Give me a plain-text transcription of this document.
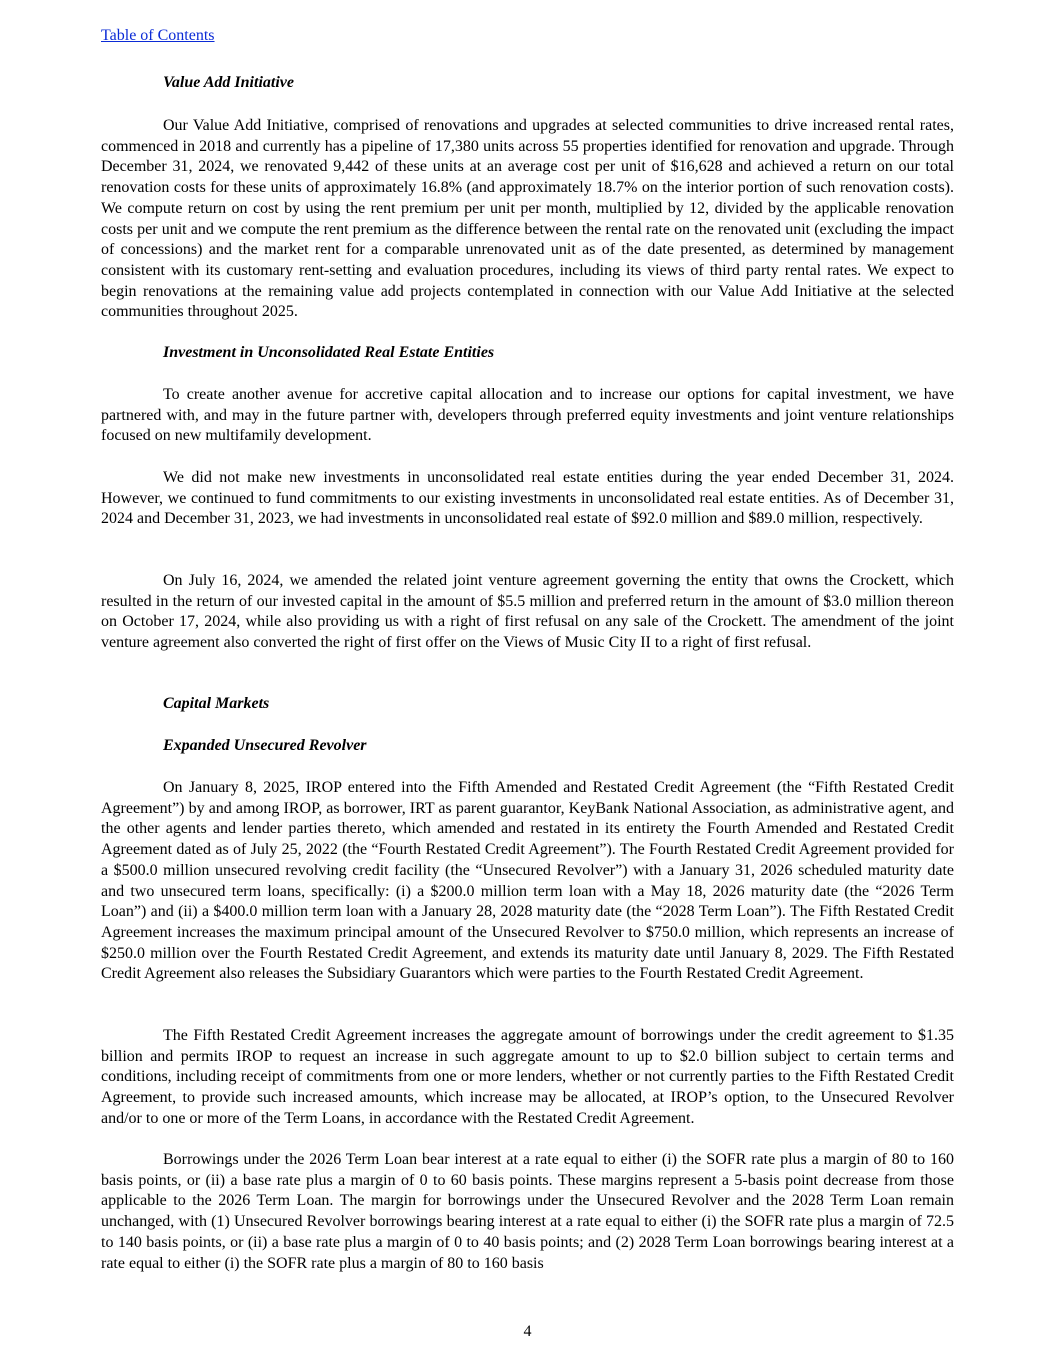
Table of Contents
Value Add Initiative

Our Value Add Initiative, comprised of renovations and upgrades at selected communities to drive increased rental rates, commenced in 2018 and currently has a pipeline of 17,380 units across 55 properties identified for renovation and upgrade. Through December 31, 2024, we renovated 9,442 of these units at an average cost per unit of $16,628 and achieved a return on our total renovation costs for these units of approximately 16.8% (and approximately 18.7% on the interior portion of such renovation costs). We compute return on cost by using the rent premium per unit per month, multiplied by 12, divided by the applicable renovation costs per unit and we compute the rent premium as the difference between the rental rate on the renovated unit (excluding the impact of concessions) and the market rent for a comparable unrenovated unit as of the date presented, as determined by management consistent with its customary rent-setting and evaluation procedures, including its views of third party rental rates. We expect to begin renovations at the remaining value add projects contemplated in connection with our Value Add Initiative at the selected communities throughout 2025.

Investment in Unconsolidated Real Estate Entities

To create another avenue for accretive capital allocation and to increase our options for capital investment, we have partnered with, and may in the future partner with, developers through preferred equity investments and joint venture relationships focused on new multifamily development.

We did not make new investments in unconsolidated real estate entities during the year ended December 31, 2024. However, we continued to fund commitments to our existing investments in unconsolidated real estate entities. As of December 31, 2024 and December 31, 2023, we had investments in unconsolidated real estate of $92.0 million and $89.0 million, respectively.

On July 16, 2024, we amended the related joint venture agreement governing the entity that owns the Crockett, which resulted in the return of our invested capital in the amount of $5.5 million and preferred return in the amount of $3.0 million thereon on October 17, 2024, while also providing us with a right of first refusal on any sale of the Crockett. The amendment of the joint venture agreement also converted the right of first offer on the Views of Music City II to a right of first refusal.

Capital Markets
Expanded Unsecured Revolver

On January 8, 2025, IROP entered into the Fifth Amended and Restated Credit Agreement (the “Fifth Restated Credit Agreement”) by and among IROP, as borrower, IRT as parent guarantor, KeyBank National Association, as administrative agent, and the other agents and lender parties thereto, which amended and restated in its entirety the Fourth Amended and Restated Credit Agreement dated as of July 25, 2022 (the “Fourth Restated Credit Agreement”). The Fourth Restated Credit Agreement provided for a $500.0 million unsecured revolving credit facility (the “Unsecured Revolver”) with a January 31, 2026 scheduled maturity date and two unsecured term loans, specifically: (i) a $200.0 million term loan with a May 18, 2026 maturity date (the “2026 Term Loan”) and (ii) a $400.0 million term loan with a January 28, 2028 maturity date (the “2028 Term Loan”). The Fifth Restated Credit Agreement increases the maximum principal amount of the Unsecured Revolver to $750.0 million, which represents an increase of $250.0 million over the Fourth Restated Credit Agreement, and extends its maturity date until January 8, 2029. The Fifth Restated Credit Agreement also releases the Subsidiary Guarantors which were parties to the Fourth Restated Credit Agreement.

The Fifth Restated Credit Agreement increases the aggregate amount of borrowings under the credit agreement to $1.35 billion and permits IROP to request an increase in such aggregate amount to up to $2.0 billion subject to certain terms and conditions, including receipt of commitments from one or more lenders, whether or not currently parties to the Fifth Restated Credit Agreement, to provide such increased amounts, which increase may be allocated, at IROP’s option, to the Unsecured Revolver and/or to one or more of the Term Loans, in accordance with the Restated Credit Agreement.

Borrowings under the 2026 Term Loan bear interest at a rate equal to either (i) the SOFR rate plus a margin of 80 to 160 basis points, or (ii) a base rate plus a margin of 0 to 60 basis points. These margins represent a 5-basis point decrease from those applicable to the 2026 Term Loan. The margin for borrowings under the Unsecured Revolver and the 2028 Term Loan remain unchanged, with (1) Unsecured Revolver borrowings bearing interest at a rate equal to either (i) the SOFR rate plus a margin of 72.5 to 140 basis points, or (ii) a base rate plus a margin of 0 to 40 basis points; and (2) 2028 Term Loan borrowings bearing interest at a rate equal to either (i) the SOFR rate plus a margin of 80 to 160 basis

4
